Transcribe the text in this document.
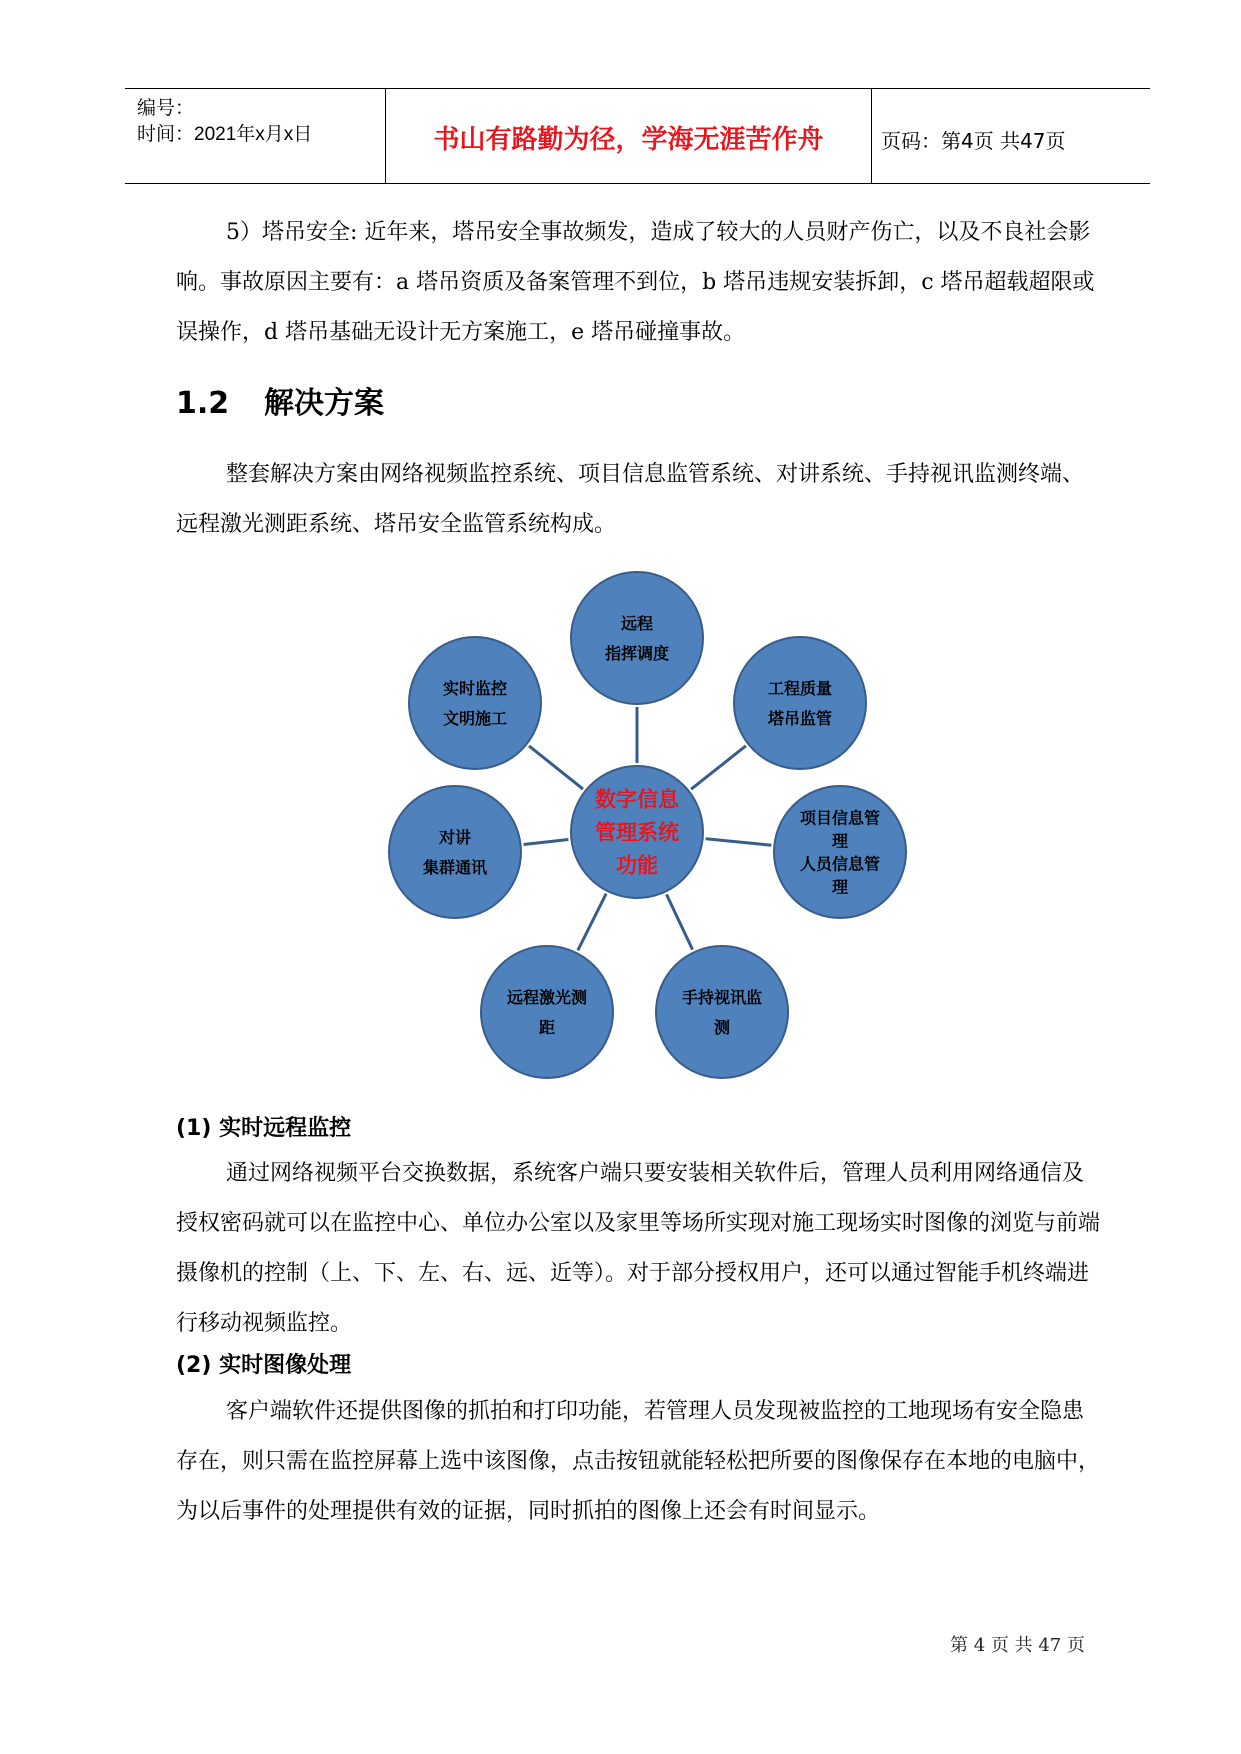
编号：
时间：2021年x月x日	书山有路勤为径，学海无涯苦作舟	页码：第4页 共47页
5）塔吊安全: 近年来，塔吊安全事故频发，造成了较大的人员财产伤亡，以及不良社会影响。事故原因主要有：a 塔吊资质及备案管理不到位，b 塔吊违规安装拆卸，c 塔吊超载超限或误操作，d 塔吊基础无设计无方案施工，e 塔吊碰撞事故。
1.2 解决方案
整套解决方案由网络视频监控系统、项目信息监管系统、对讲系统、手持视讯监测终端、远程激光测距系统、塔吊安全监管系统构成。
远程
指挥调度
工程质量
塔吊监管
项目信息管
理
人员信息管
理
手持视讯监
测
远程激光测
距
对讲
集群通讯
实时监控
文明施工
数字信息
管理系统
功能
(1) 实时远程监控
通过网络视频平台交换数据，系统客户端只要安装相关软件后，管理人员利用网络通信及授权密码就可以在监控中心、单位办公室以及家里等场所实现对施工现场实时图像的浏览与前端摄像机的控制（上、下、左、右、远、近等）。对于部分授权用户，还可以通过智能手机终端进行移动视频监控。
(2) 实时图像处理
客户端软件还提供图像的抓拍和打印功能，若管理人员发现被监控的工地现场有安全隐患存在，则只需在监控屏幕上选中该图像，点击按钮就能轻松把所要的图像保存在本地的电脑中，为以后事件的处理提供有效的证据，同时抓拍的图像上还会有时间显示。
第 4 页 共 47 页
